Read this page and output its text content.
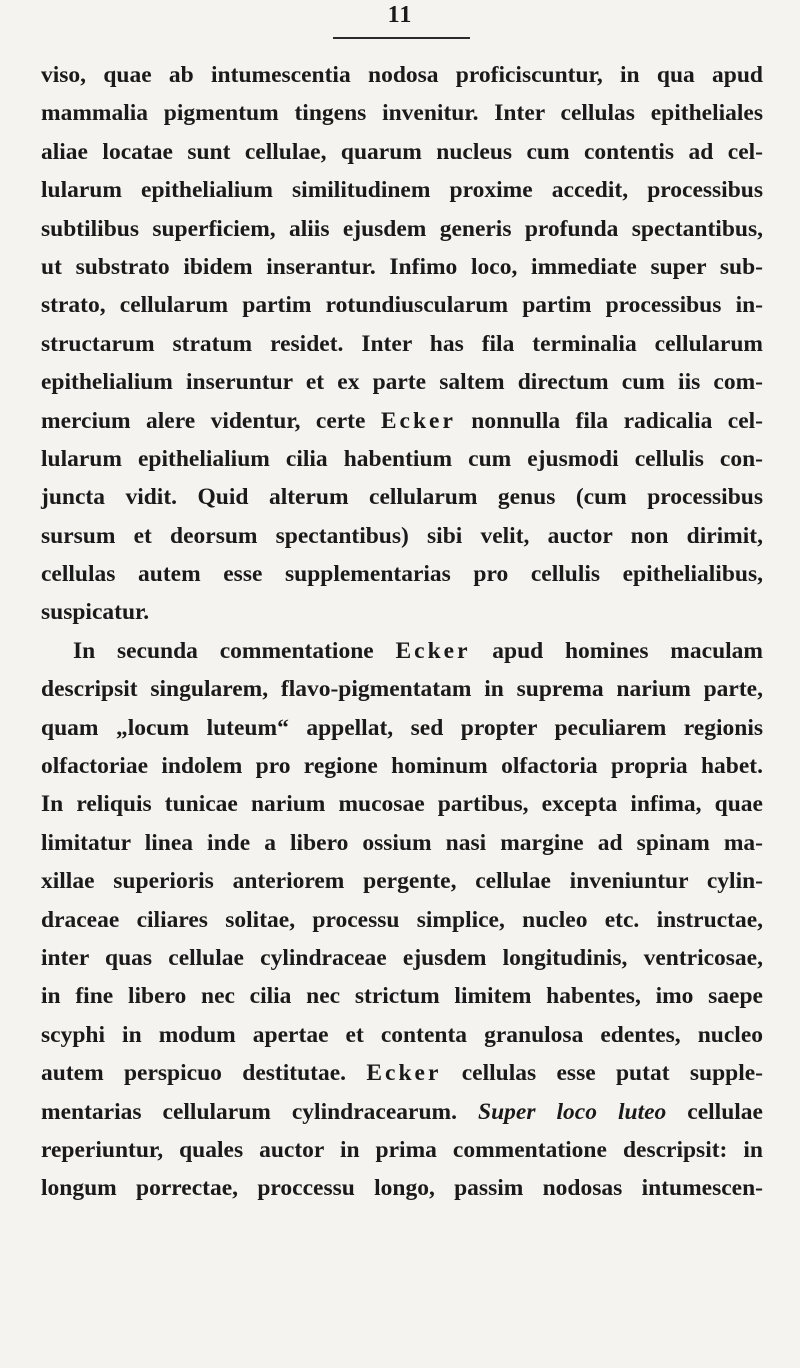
11
viso, quae ab intumescentia nodosa proficiscuntur, in qua apud
mammalia pigmentum tingens invenitur. Inter cellulas epitheliales
aliae locatae sunt cellulae, quarum nucleus cum contentis ad cel-
lularum epithelialium similitudinem proxime accedit, processibus
subtilibus superficiem, aliis ejusdem generis profunda spectantibus,
ut substrato ibidem inserantur. Infimo loco, immediate super sub-
strato, cellularum partim rotundiuscularum partim processibus in-
structarum stratum residet. Inter has fila terminalia cellularum
epithelialium inseruntur et ex parte saltem directum cum iis com-
mercium alere videntur, certe Ecker nonnulla fila radicalia cel-
lularum epithelialium cilia habentium cum ejusmodi cellulis con-
juncta vidit. Quid alterum cellularum genus (cum processibus
sursum et deorsum spectantibus) sibi velit, auctor non dirimit,
cellulas autem esse supplementarias pro cellulis epithelialibus,
suspicatur.
In secunda commentatione Ecker apud homines maculam
descripsit singularem, flavo-pigmentatam in suprema narium parte,
quam „locum luteum“ appellat, sed propter peculiarem regionis
olfactoriae indolem pro regione hominum olfactoria propria habet.
In reliquis tunicae narium mucosae partibus, excepta infima, quae
limitatur linea inde a libero ossium nasi margine ad spinam ma-
xillae superioris anteriorem pergente, cellulae inveniuntur cylin-
draceae ciliares solitae, processu simplice, nucleo etc. instructae,
inter quas cellulae cylindraceae ejusdem longitudinis, ventricosae,
in fine libero nec cilia nec strictum limitem habentes, imo saepe
scyphi in modum apertae et contenta granulosa edentes, nucleo
autem perspicuo destitutae. Ecker cellulas esse putat supple-
mentarias cellularum cylindracearum. Super loco luteo cellulae
reperiuntur, quales auctor in prima commentatione descripsit: in
longum porrectae, proccessu longo, passim nodosas intumescen-
